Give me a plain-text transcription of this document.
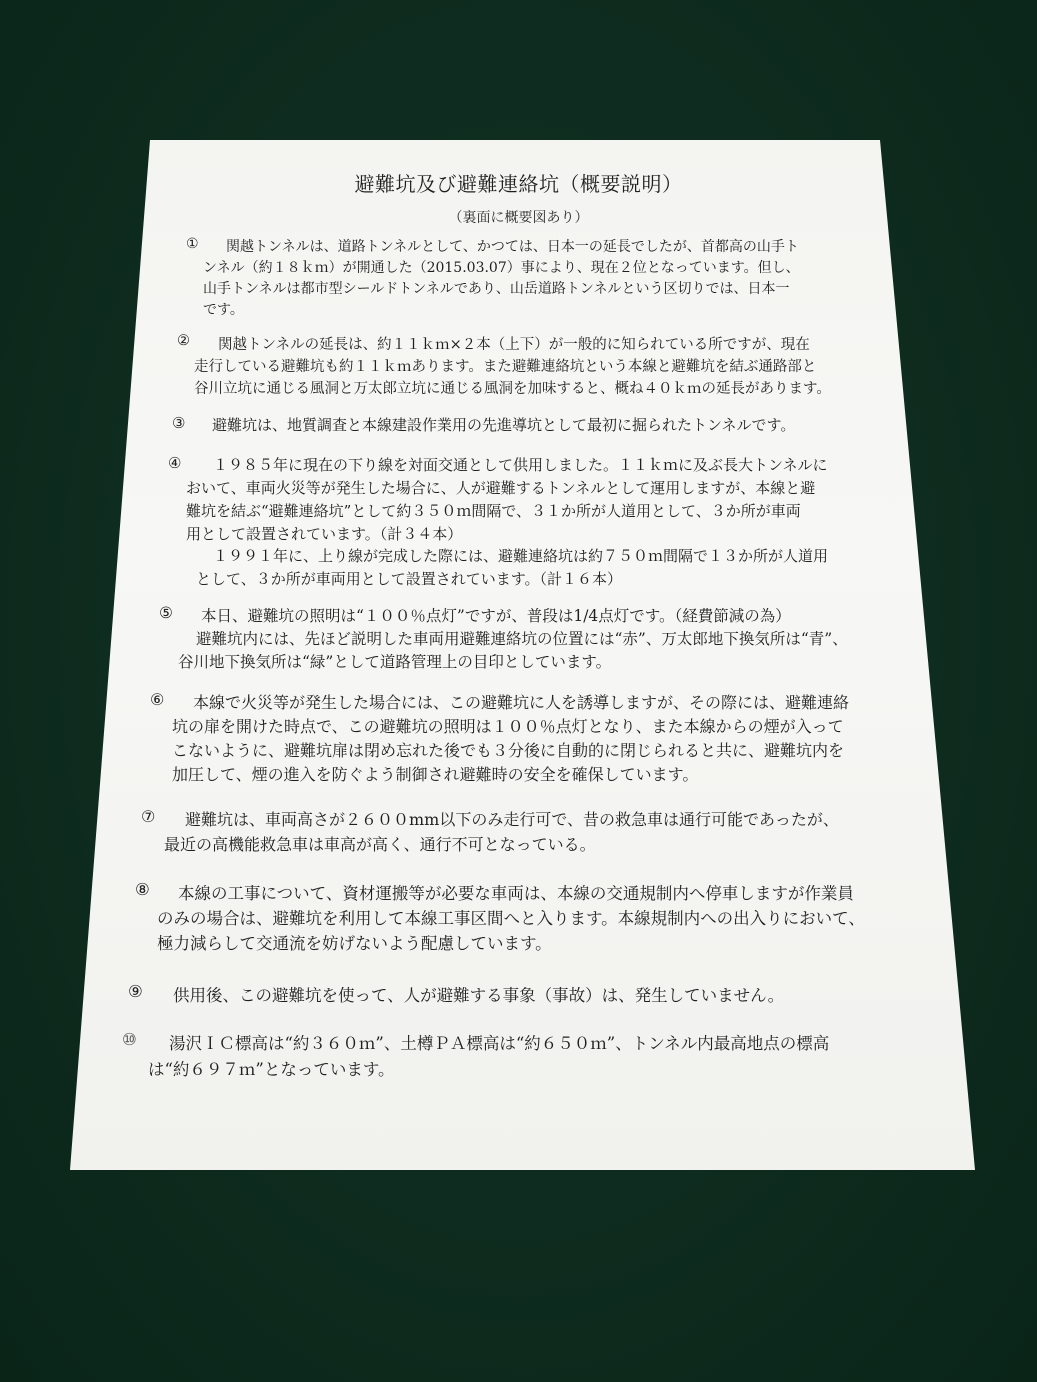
避難坑及び避難連絡坑（概要説明）
（裏面に概要図あり）
① 関越トンネルは、道路トンネルとして、かつては、日本一の延長でしたが、首都高の山手ト
ンネル（約１８ｋｍ）が開通した（2015.03.07）事により、現在２位となっています。但し、
山手トンネルは都市型シールドトンネルであり、山岳道路トンネルという区切りでは、日本一
です。
② 関越トンネルの延長は、約１１ｋｍ×２本（上下）が一般的に知られている所ですが、現在
走行している避難坑も約１１ｋｍあります。また避難連絡坑という本線と避難坑を結ぶ通路部と
谷川立坑に通じる風洞と万太郎立坑に通じる風洞を加味すると、概ね４０ｋｍの延長があります。
③ 避難坑は、地質調査と本線建設作業用の先進導坑として最初に掘られたトンネルです。
④ １９８５年に現在の下り線を対面交通として供用しました。１１ｋｍに及ぶ長大トンネルに
おいて、車両火災等が発生した場合に、人が避難するトンネルとして運用しますが、本線と避
難坑を結ぶ“避難連絡坑”として約３５０ｍ間隔で、３１か所が人道用として、３か所が車両
用として設置されています。（計３４本）
１９９１年に、上り線が完成した際には、避難連絡坑は約７５０ｍ間隔で１３か所が人道用
として、３か所が車両用として設置されています。（計１６本）
⑤ 本日、避難坑の照明は“１００％点灯”ですが、普段は1/4点灯です。（経費節減の為）
避難坑内には、先ほど説明した車両用避難連絡坑の位置には“赤”、万太郎地下換気所は“青”、
谷川地下換気所は“緑”として道路管理上の目印としています。
⑥ 本線で火災等が発生した場合には、この避難坑に人を誘導しますが、その際には、避難連絡
坑の扉を開けた時点で、この避難坑の照明は１００％点灯となり、また本線からの煙が入って
こないように、避難坑扉は閉め忘れた後でも３分後に自動的に閉じられると共に、避難坑内を
加圧して、煙の進入を防ぐよう制御され避難時の安全を確保しています。
⑦ 避難坑は、車両高さが２６００mm以下のみ走行可で、昔の救急車は通行可能であったが、
最近の高機能救急車は車高が高く、通行不可となっている。
⑧ 本線の工事について、資材運搬等が必要な車両は、本線の交通規制内へ停車しますが作業員
のみの場合は、避難坑を利用して本線工事区間へと入ります。本線規制内への出入りにおいて、
極力減らして交通流を妨げないよう配慮しています。
⑨ 供用後、この避難坑を使って、人が避難する事象（事故）は、発生していません。
⑩ 湯沢ＩＣ標高は“約３６０ｍ”、土樽ＰＡ標高は“約６５０ｍ”、トンネル内最高地点の標高
は“約６９７ｍ”となっています。
